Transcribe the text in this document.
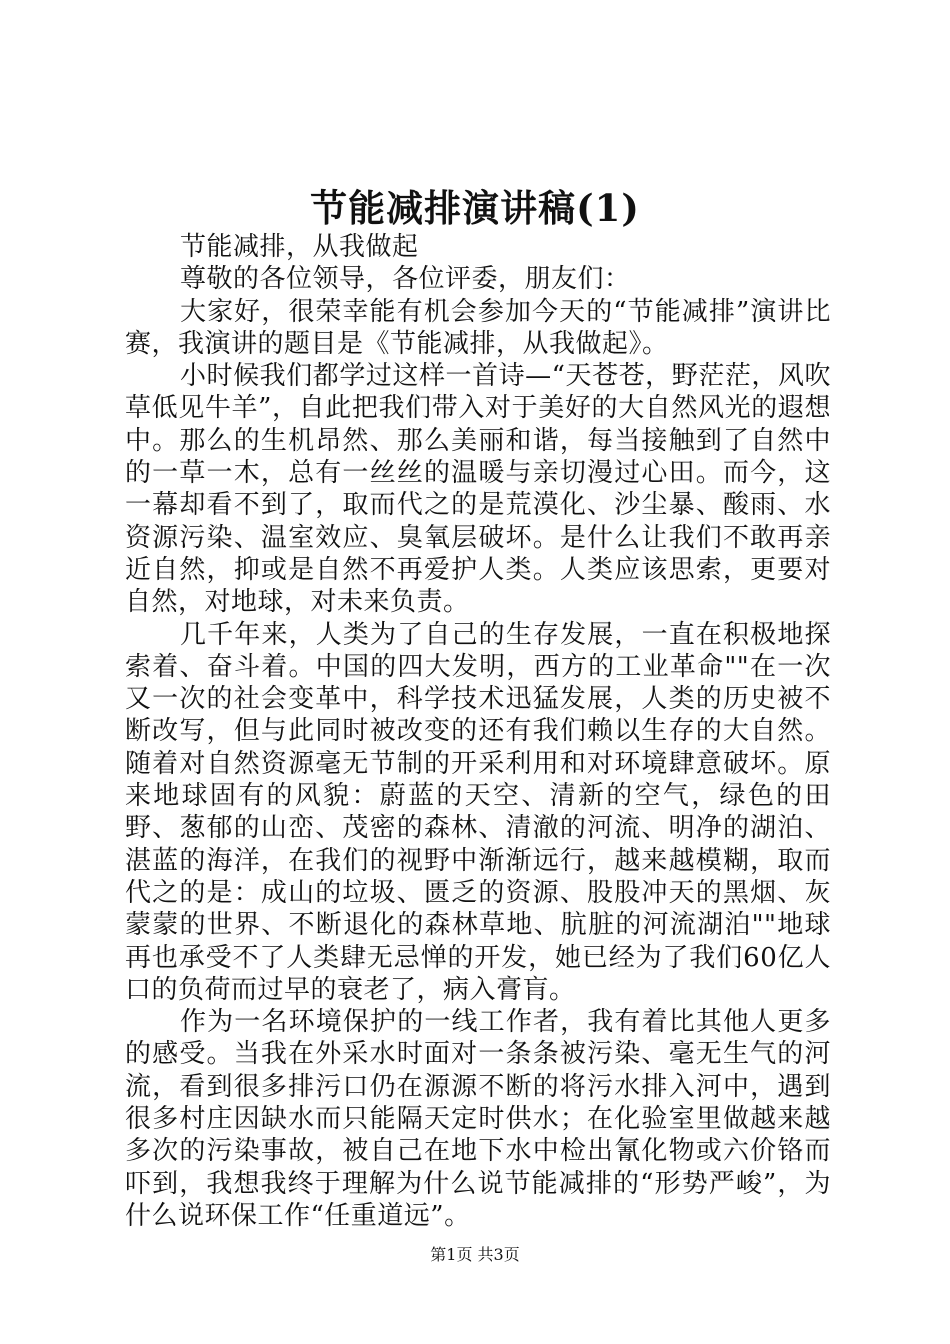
节能减排演讲稿(1)

节能减排，从我做起

尊敬的各位领导，各位评委，朋友们：

大家好，很荣幸能有机会参加今天的“节能减排”演讲比赛，我演讲的题目是《节能减排，从我做起》。

小时候我们都学过这样一首诗—“天苍苍，野茫茫，风吹草低见牛羊”，自此把我们带入对于美好的大自然风光的遐想中。那么的生机昂然、那么美丽和谐，每当接触到了自然中的一草一木，总有一丝丝的温暖与亲切漫过心田。而今，这一幕却看不到了，取而代之的是荒漠化、沙尘暴、酸雨、水资源污染、温室效应、臭氧层破坏。是什么让我们不敢再亲近自然，抑或是自然不再爱护人类。人类应该思索，更要对自然，对地球，对未来负责。

几千年来，人类为了自己的生存发展，一直在积极地探索着、奋斗着。中国的四大发明，西方的工业革命""在一次又一次的社会变革中，科学技术迅猛发展，人类的历史被不断改写，但与此同时被改变的还有我们赖以生存的大自然。随着对自然资源毫无节制的开采利用和对环境肆意破坏。原来地球固有的风貌：蔚蓝的天空、清新的空气，绿色的田野、葱郁的山峦、茂密的森林、清澈的河流、明净的湖泊、湛蓝的海洋，在我们的视野中渐渐远行，越来越模糊，取而代之的是：成山的垃圾、匮乏的资源、股股冲天的黑烟、灰蒙蒙的世界、不断退化的森林草地、肮脏的河流湖泊""地球再也承受不了人类肆无忌惮的开发，她已经为了我们60亿人口的负荷而过早的衰老了，病入膏肓。

作为一名环境保护的一线工作者，我有着比其他人更多的感受。当我在外采水时面对一条条被污染、毫无生气的河流，看到很多排污口仍在源源不断的将污水排入河中，遇到很多村庄因缺水而只能隔天定时供水；在化验室里做越来越多次的污染事故，被自己在地下水中检出氰化物或六价铬而吓到，我想我终于理解为什么说节能减排的“形势严峻”，为什么说环保工作“任重道远”。

第1页 共3页
